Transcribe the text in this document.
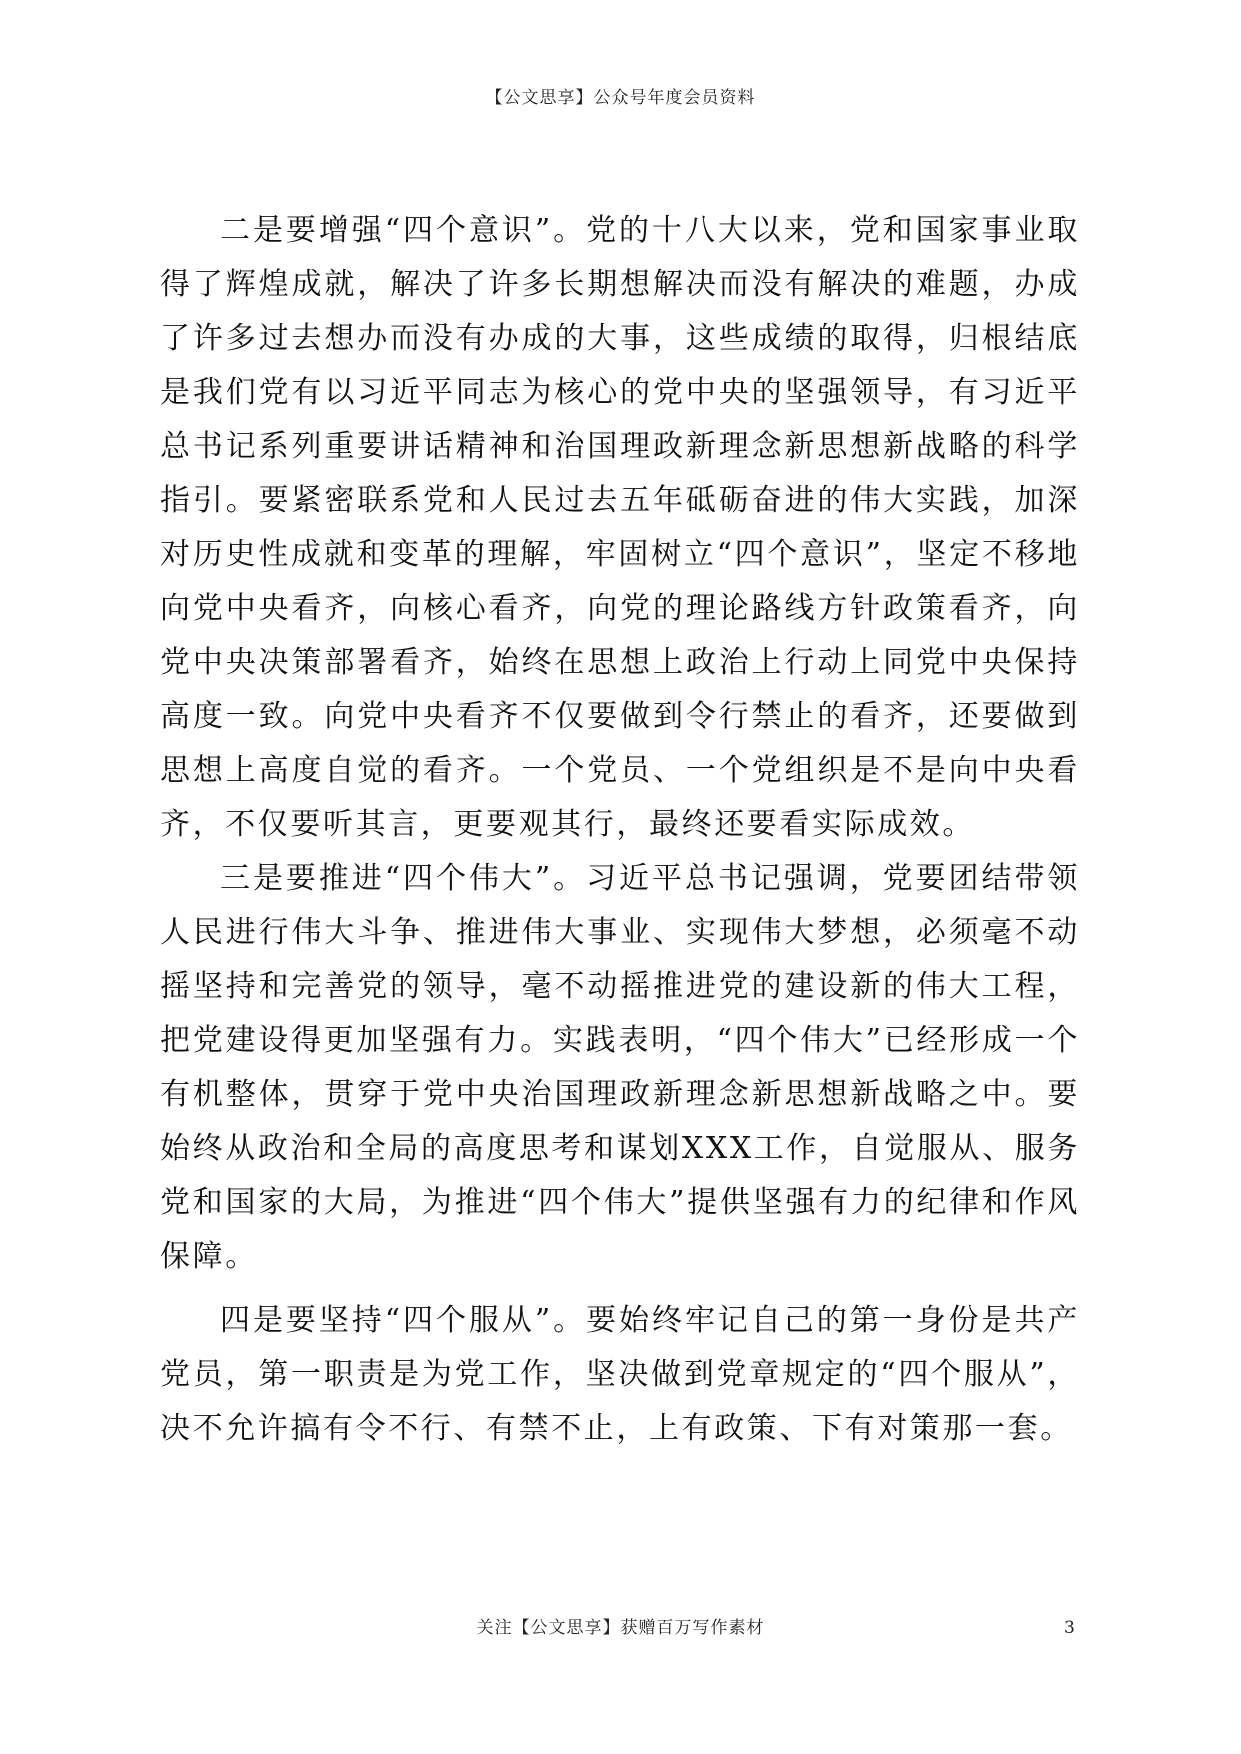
【公文思享】公众号年度会员资料

二是要增强“四个意识”。党的十八大以来，党和国家事业取得了辉煌成就，解决了许多长期想解决而没有解决的难题，办成了许多过去想办而没有办成的大事，这些成绩的取得，归根结底是我们党有以习近平同志为核心的党中央的坚强领导，有习近平总书记系列重要讲话精神和治国理政新理念新思想新战略的科学指引。要紧密联系党和人民过去五年砥砺奋进的伟大实践，加深对历史性成就和变革的理解，牢固树立“四个意识”，坚定不移地向党中央看齐，向核心看齐，向党的理论路线方针政策看齐，向党中央决策部署看齐，始终在思想上政治上行动上同党中央保持高度一致。向党中央看齐不仅要做到令行禁止的看齐，还要做到思想上高度自觉的看齐。一个党员、一个党组织是不是向中央看齐，不仅要听其言，更要观其行，最终还要看实际成效。

三是要推进“四个伟大”。习近平总书记强调，党要团结带领人民进行伟大斗争、推进伟大事业、实现伟大梦想，必须毫不动摇坚持和完善党的领导，毫不动摇推进党的建设新的伟大工程，把党建设得更加坚强有力。实践表明，“四个伟大”已经形成一个有机整体，贯穿于党中央治国理政新理念新思想新战略之中。要始终从政治和全局的高度思考和谋划XXX工作，自觉服从、服务党和国家的大局，为推进“四个伟大”提供坚强有力的纪律和作风保障。

四是要坚持“四个服从”。要始终牢记自己的第一身份是共产党员，第一职责是为党工作，坚决做到党章规定的“四个服从”，决不允许搞有令不行、有禁不止，上有政策、下有对策那一套。

关注【公文思享】获赠百万写作素材	3
